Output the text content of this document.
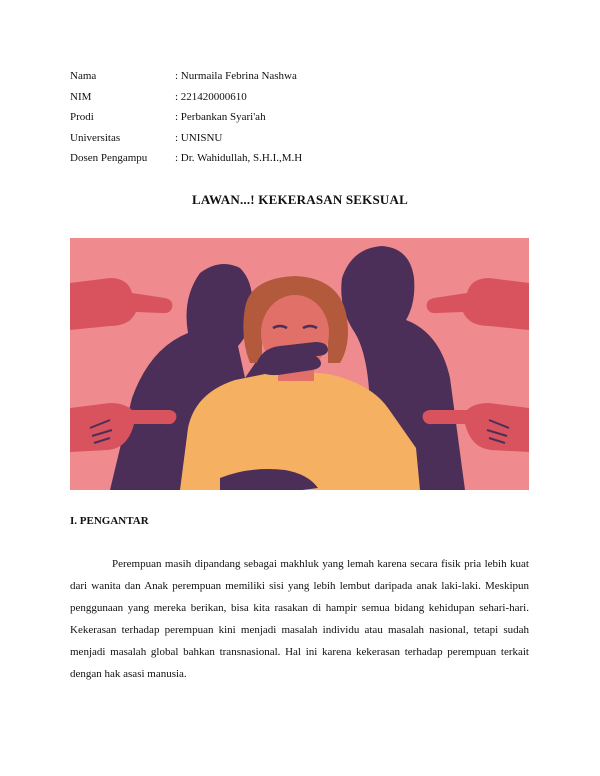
Nama	: Nurmaila Febrina Nashwa
NIM	: 221420000610
Prodi	: Perbankan Syari'ah
Universitas	: UNISNU
Dosen Pengampu	: Dr. Wahidullah, S.H.I.,M.H
LAWAN...! KEKERASAN SEKSUAL
I. PENGANTAR

Perempuan masih dipandang sebagai makhluk yang lemah karena secara fisik pria lebih kuat dari wanita dan Anak perempuan memiliki sisi yang lebih lembut daripada anak laki-laki. Meskipun penggunaan yang mereka berikan, bisa kita rasakan di hampir semua bidang kehidupan sehari-hari. Kekerasan terhadap perempuan kini menjadi masalah individu atau masalah nasional, tetapi sudah menjadi masalah global bahkan transnasional. Hal ini karena kekerasan terhadap perempuan terkait dengan hak asasi manusia.
